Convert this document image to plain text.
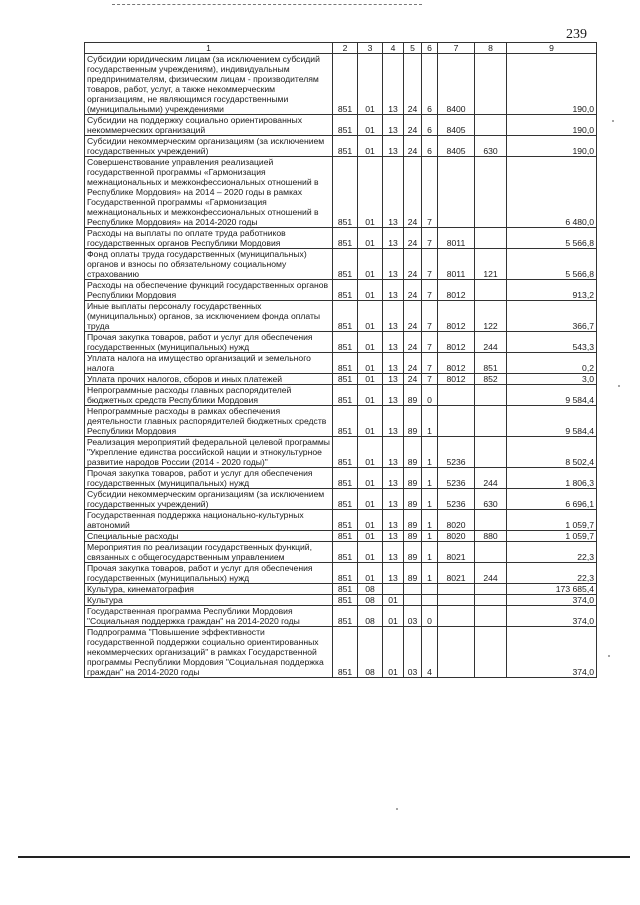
239
1	2	3	4	5	6	7	8	9
Субсидии юридическим лицам (за исключением субсидий государственным учреждениям), индивидуальным предпринимателям, физическим лицам - производителям товаров, работ, услуг, а также некоммерческим организациям, не являющимся государственными (муниципальными) учреждениями	851	01	13	24	6	8400		190,0
Субсидии на поддержку социально ориентированных некоммерческих организаций	851	01	13	24	6	8405		190,0
Субсидии некоммерческим организациям (за исключением государственных учреждений)	851	01	13	24	6	8405	630	190,0
Совершенствование управления реализацией государственной программы «Гармонизация межнациональных и межконфессиональных отношений в Республике Мордовия» на 2014 – 2020 годы в рамках Государственной программы «Гармонизация межнациональных и межконфессиональных отношений в Республике Мордовия» на 2014-2020 годы	851	01	13	24	7			6 480,0
Расходы на выплаты по оплате труда работников государственных органов Республики Мордовия	851	01	13	24	7	8011		5 566,8
Фонд оплаты труда государственных (муниципальных) органов и взносы по обязательному социальному страхованию	851	01	13	24	7	8011	121	5 566,8
Расходы на обеспечение функций государственных органов Республики Мордовия	851	01	13	24	7	8012		913,2
Иные выплаты персоналу государственных (муниципальных) органов, за исключением фонда оплаты труда	851	01	13	24	7	8012	122	366,7
Прочая закупка товаров, работ и услуг для обеспечения государственных (муниципальных) нужд	851	01	13	24	7	8012	244	543,3
Уплата налога на имущество организаций и земельного налога	851	01	13	24	7	8012	851	0,2
Уплата прочих налогов, сборов и иных платежей	851	01	13	24	7	8012	852	3,0
Непрограммные расходы главных распорядителей бюджетных средств Республики Мордовия	851	01	13	89	0			9 584,4
Непрограммные расходы в рамках обеспечения деятельности главных распорядителей бюджетных средств Республики Мордовия	851	01	13	89	1			9 584,4
Реализация мероприятий федеральной целевой программы "Укрепление единства российской нации и этнокультурное развитие народов России (2014 - 2020 годы)"	851	01	13	89	1	5236		8 502,4
Прочая закупка товаров, работ и услуг для обеспечения государственных (муниципальных) нужд	851	01	13	89	1	5236	244	1 806,3
Субсидии некоммерческим организациям (за исключением государственных учреждений)	851	01	13	89	1	5236	630	6 696,1
Государственная поддержка национально-культурных автономий	851	01	13	89	1	8020		1 059,7
Специальные расходы	851	01	13	89	1	8020	880	1 059,7
Мероприятия по реализации государственных функций, связанных с общегосударственным управлением	851	01	13	89	1	8021		22,3
Прочая закупка товаров, работ и услуг для обеспечения государственных (муниципальных) нужд	851	01	13	89	1	8021	244	22,3
Культура, кинематография	851	08						173 685,4
Культура	851	08	01					374,0
Государственная программа Республики Мордовия "Социальная поддержка граждан" на 2014-2020 годы	851	08	01	03	0			374,0
Подпрограмма "Повышение эффективности государственной поддержки социально ориентированных некоммерческих организаций" в рамках Государственной программы Республики Мордовия "Социальная поддержка граждан" на 2014-2020 годы	851	08	01	03	4			374,0
